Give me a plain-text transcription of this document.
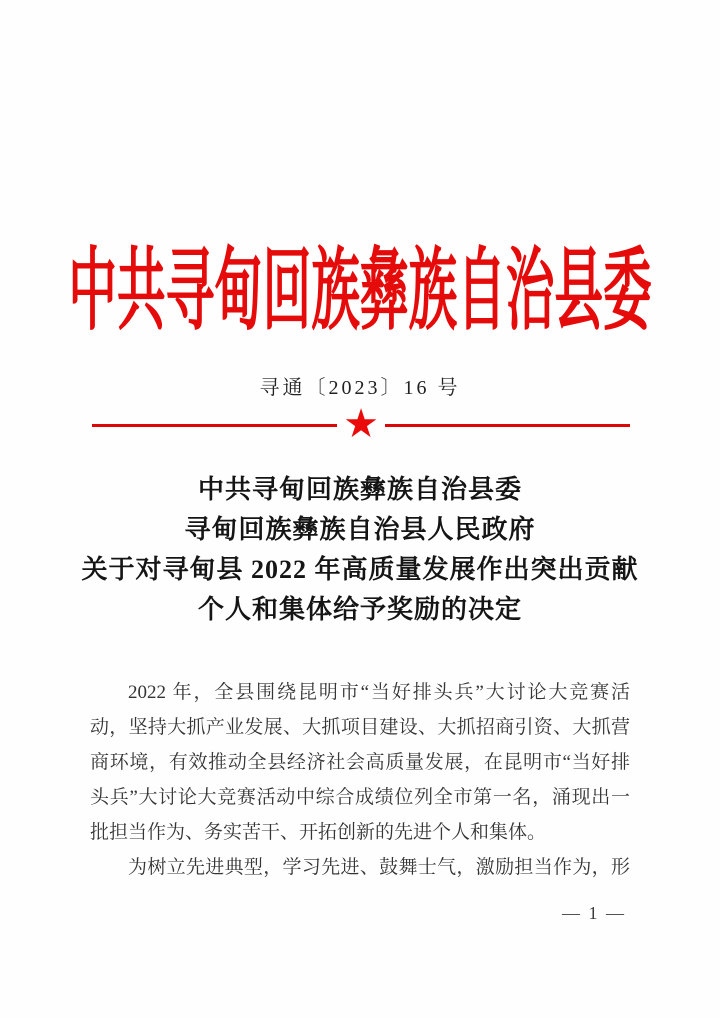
中共寻甸回族彝族自治县委
寻通〔2023〕16 号
★
中共寻甸回族彝族自治县委
寻甸回族彝族自治县人民政府
关于对寻甸县 2022 年高质量发展作出突出贡献
个人和集体给予奖励的决定
2022 年，全县围绕昆明市“当好排头兵”大讨论大竞赛活
动，坚持大抓产业发展、大抓项目建设、大抓招商引资、大抓营
商环境，有效推动全县经济社会高质量发展，在昆明市“当好排
头兵”大讨论大竞赛活动中综合成绩位列全市第一名，涌现出一
批担当作为、务实苦干、开拓创新的先进个人和集体。
为树立先进典型，学习先进、鼓舞士气，激励担当作为，形
— 1 —
